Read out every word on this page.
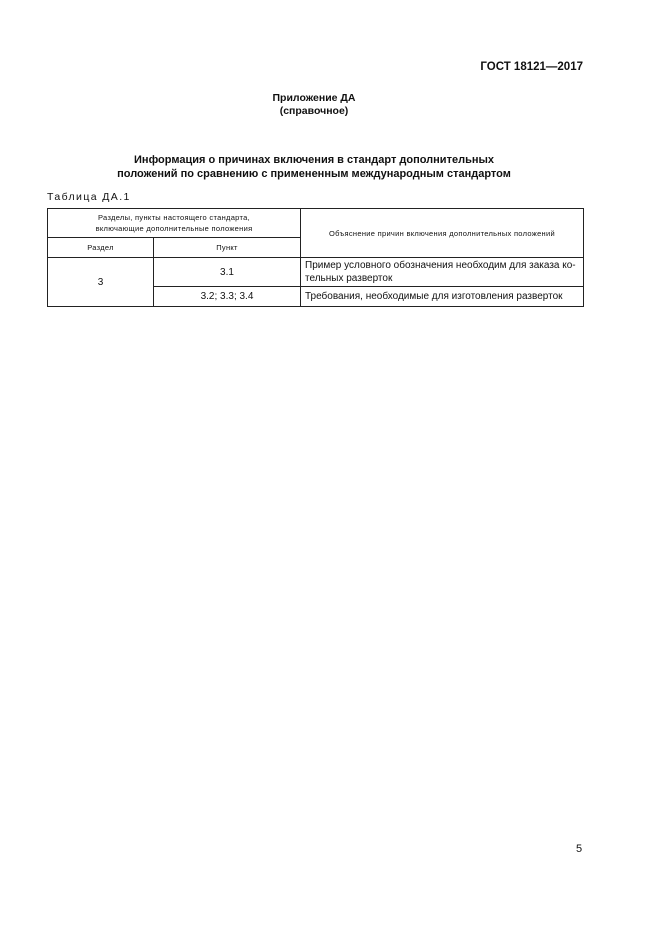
ГОСТ 18121—2017
Приложение ДА
(справочное)
Информация о причинах включения в стандарт дополнительных
положений по сравнению с примененным международным стандартом
Таблица ДА.1
Разделы, пункты настоящего стандарта,
включающие дополнительные положения		Объяснение причин включения дополнительных положений
Раздел	Пункт	
3	3.1	Пример условного обозначения необходим для заказа ко-
тельных разверток

	3.2; 3.3; 3.4	Требования, необходимые для изготовления разверток
5
